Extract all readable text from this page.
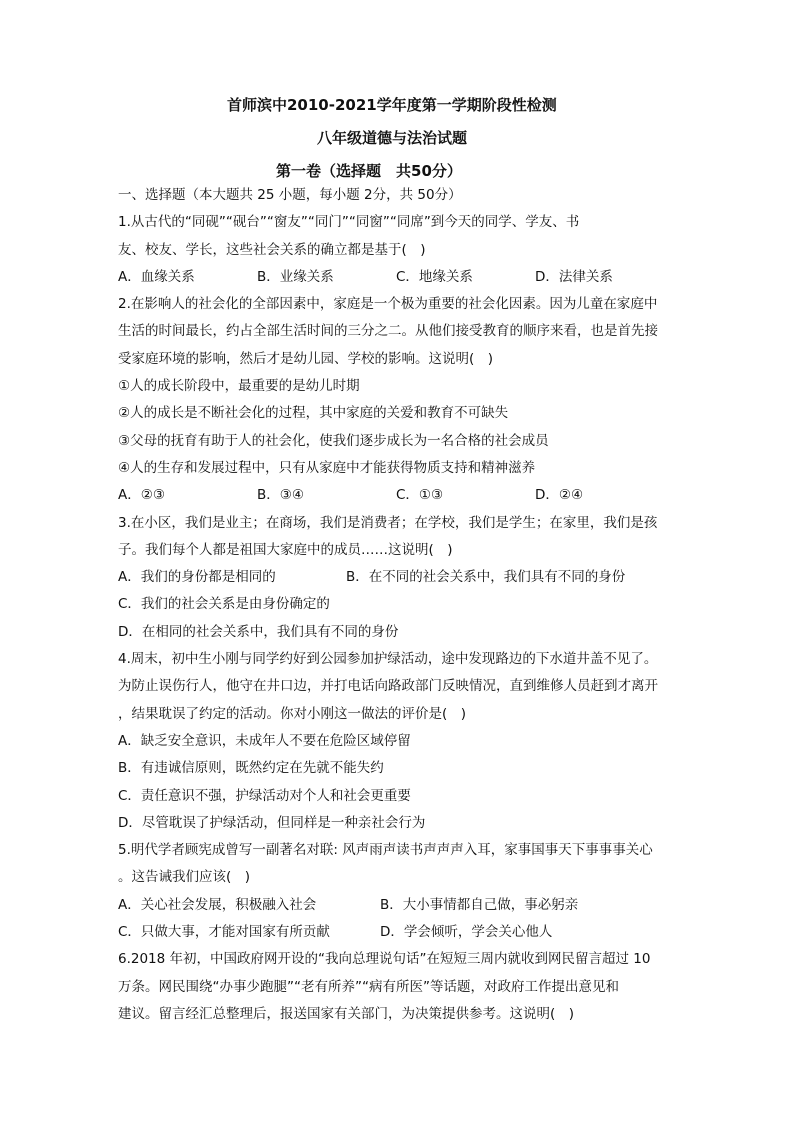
首师滨中2010-2021学年度第一学期阶段性检测
八年级道德与法治试题
第一卷（选择题　共50分）
一、选择题（本大题共 25 小题，每小题 2分，共 50分）
1.从古代的“同砚”“砚台”“窗友”“同门”“同窗”“同席”到今天的同学、学友、书
友、校友、学长，这些社会关系的确立都是基于(　)
A．血缘关系	B．业缘关系	C．地缘关系	D．法律关系
2.在影响人的社会化的全部因素中，家庭是一个极为重要的社会化因素。因为儿童在家庭中
生活的时间最长，约占全部生活时间的三分之二。从他们接受教育的顺序来看，也是首先接
受家庭环境的影响，然后才是幼儿园、学校的影响。这说明(　)
①人的成长阶段中，最重要的是幼儿时期
②人的成长是不断社会化的过程，其中家庭的关爱和教育不可缺失
③父母的抚育有助于人的社会化，使我们逐步成长为一名合格的社会成员
④人的生存和发展过程中，只有从家庭中才能获得物质支持和精神滋养
A．②③	B．③④	C．①③	D．②④
3.在小区，我们是业主；在商场，我们是消费者；在学校，我们是学生；在家里，我们是孩
子。我们每个人都是祖国大家庭中的成员……这说明(　)
A．我们的身份都是相同的	B．在不同的社会关系中，我们具有不同的身份
C．我们的社会关系是由身份确定的
D．在相同的社会关系中，我们具有不同的身份
4.周末，初中生小刚与同学约好到公园参加护绿活动，途中发现路边的下水道井盖不见了。
为防止误伤行人，他守在井口边，并打电话向路政部门反映情况，直到维修人员赶到才离开
，结果耽误了约定的活动。你对小刚这一做法的评价是(　)
A．缺乏安全意识，未成年人不要在危险区域停留
B．有违诚信原则，既然约定在先就不能失约
C．责任意识不强，护绿活动对个人和社会更重要
D．尽管耽误了护绿活动，但同样是一种亲社会行为
5.明代学者顾宪成曾写一副著名对联: 风声雨声读书声声声入耳，家事国事天下事事事关心
。这告诫我们应该(　)
A．关心社会发展，积极融入社会	B．大小事情都自己做，事必躬亲
C．只做大事，才能对国家有所贡献	D．学会倾听，学会关心他人
6.2018 年初，中国政府网开设的“我向总理说句话”在短短三周内就收到网民留言超过 10
万条。网民围绕“办事少跑腿”“老有所养”“病有所医”等话题，对政府工作提出意见和
建议。留言经汇总整理后，报送国家有关部门，为决策提供参考。这说明(　)
